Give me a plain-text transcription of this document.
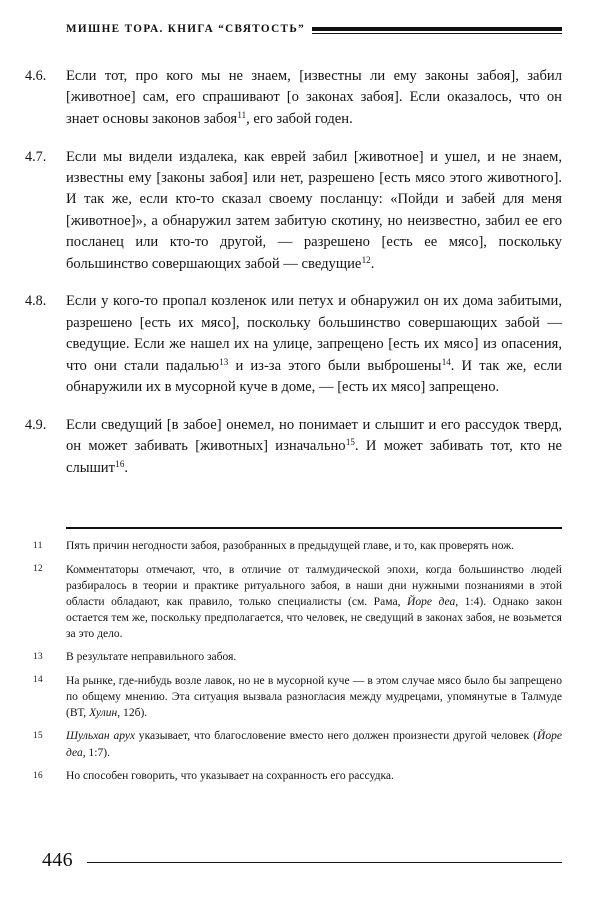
МИШНЕ ТОРА. КНИГА “СВЯТОСТЬ”
4.6.	Если тот, про кого мы не знаем, [известны ли ему законы забоя], забил [животное] сам, его спрашивают [о законах забоя]. Если оказалось, что он знает основы законов забоя$^{11}$, его забой годен.
4.7.	Если мы видели издалека, как еврей забил [животное] и ушел, и не знаем, известны ему [законы забоя] или нет, разрешено [есть мясо этого животного]. И так же, если кто-то сказал своему посланцу: «Пойди и забей для меня [животное]», а обнаружил затем забитую скотину, но неизвестно, забил ее его посланец или кто-то другой, — разрешено [есть ее мясо], поскольку большинство совершающих забой — сведущие$^{12}$.
4.8.	Если у кого-то пропал козленок или петух и обнаружил он их дома забитыми, разрешено [есть их мясо], поскольку большинство совершающих забой — сведущие. Если же нашел их на улице, запрещено [есть их мясо] из опасения, что они стали падалью$^{13}$ и из-за этого были выброшены$^{14}$. И так же, если обнаружили их в мусорной куче в доме, — [есть их мясо] запрещено.
4.9.	Если сведущий [в забое] онемел, но понимает и слышит и его рассудок тверд, он может забивать [животных] изначально$^{15}$. И может забивать тот, кто не слышит$^{16}$.
11	Пять причин негодности забоя, разобранных в предыдущей главе, и то, как проверять нож.
12	Комментаторы отмечают, что, в отличие от талмудической эпохи, когда большинство людей разбиралось в теории и практике ритуального забоя, в наши дни нужными познаниями в этой области обладают, как правило, только специалисты (см. Рама, Йоре деа, 1:4). Однако закон остается тем же, поскольку предполагается, что человек, не сведущий в законах забоя, не возьмется за это дело.
13	В результате неправильного забоя.
14	На рынке, где-нибудь возле лавок, но не в мусорной куче — в этом случае мясо было бы запрещено по общему мнению. Эта ситуация вызвала разногласия между мудрецами, упомянутые в Талмуде (ВТ, Хулин, 12б).
15	Шульхан арух указывает, что благословение вместо него должен произнести другой человек (Йоре деа, 1:7).
16	Но способен говорить, что указывает на сохранность его рассудка.
446
